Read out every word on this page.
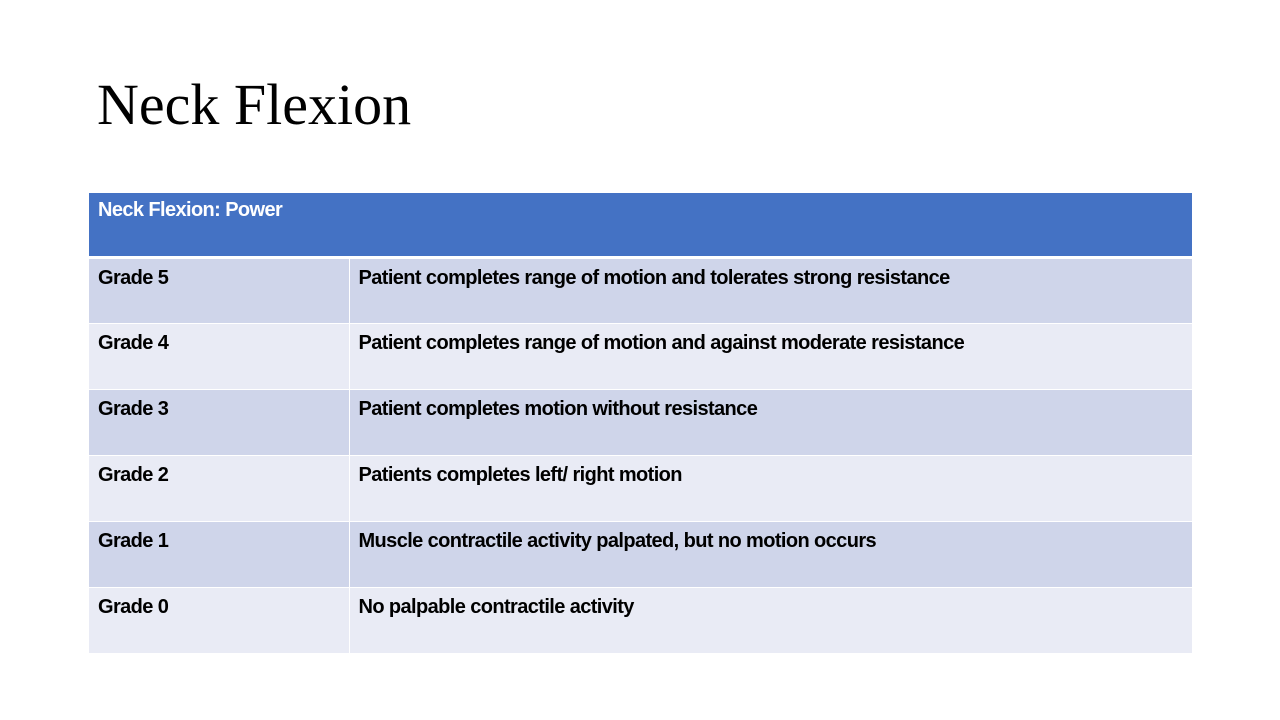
Neck Flexion
Neck Flexion: Power	
Grade 5	Patient completes range of motion and tolerates strong resistance
Grade 4	Patient completes range of motion and against moderate resistance
Grade 3	Patient completes motion without resistance
Grade 2	Patients completes left/ right motion
Grade 1	Muscle contractile activity palpated, but no motion occurs
Grade 0	No palpable contractile activity
